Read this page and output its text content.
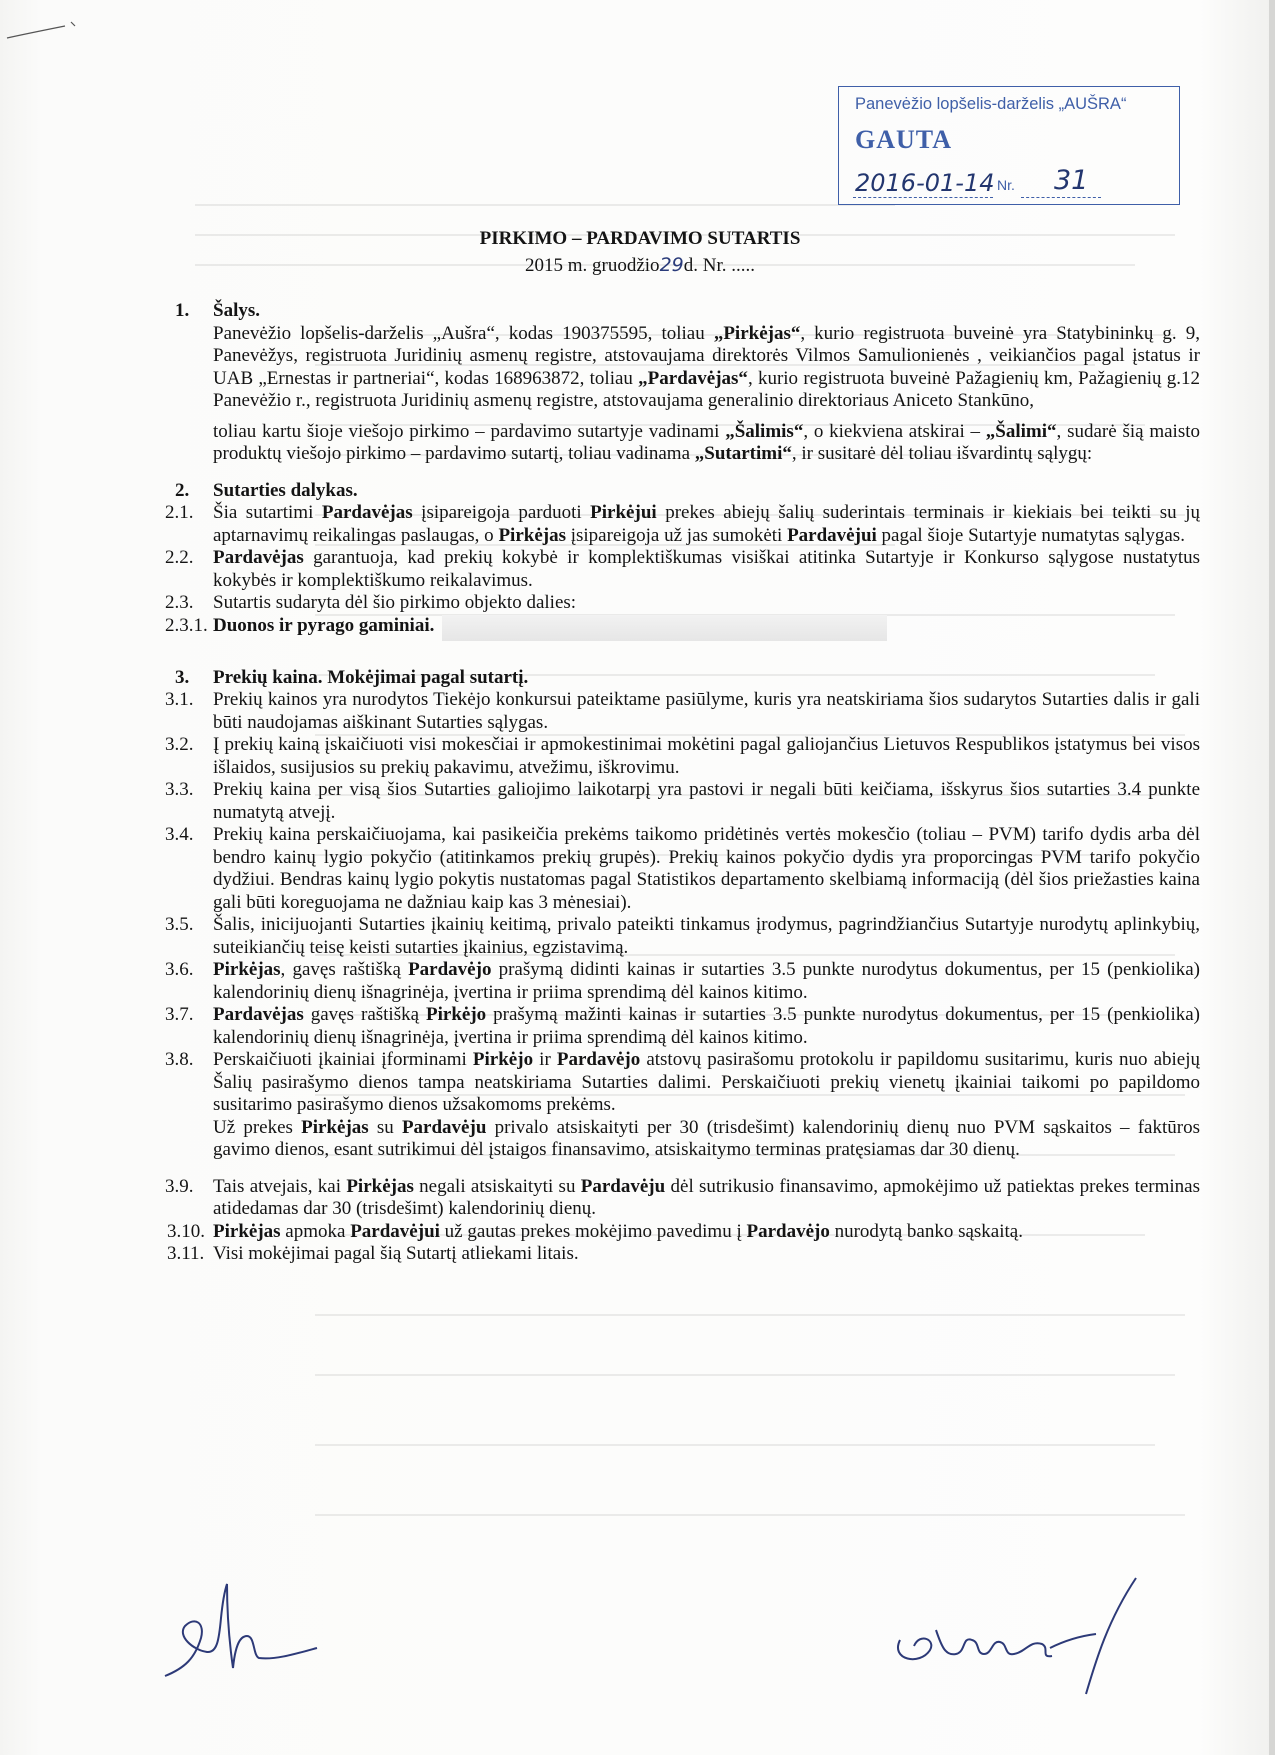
Panevėžio lopšelis-darželis „AUŠRA“
GAUTA
2016-01-14 Nr. 31
PIRKIMO – PARDAVIMO SUTARTIS
2015 m. gruodžio29d. Nr. .....
1.	Šalys.
Panevėžio lopšelis-darželis „Aušra“, kodas 190375595, toliau „Pirkėjas“, kurio registruota buveinė yra Statybininkų g. 9, Panevėžys, registruota Juridinių asmenų registre, atstovaujama direktorės Vilmos Samulionienės , veikiančios pagal įstatus ir UAB „Ernestas ir partneriai“, kodas 168963872, toliau „Pardavėjas“, kurio registruota buveinė Pažagienių km, Pažagienių g.12 Panevėžio r., registruota Juridinių asmenų registre, atstovaujama generalinio direktoriaus Aniceto Stankūno,
toliau kartu šioje viešojo pirkimo – pardavimo sutartyje vadinami „Šalimis“, o kiekviena atskirai – „Šalimi“, sudarė šią maisto produktų viešojo pirkimo – pardavimo sutartį, toliau vadinama „Sutartimi“, ir susitarė dėl toliau išvardintų sąlygų:
2.	Sutarties dalykas.
2.1.	Šia sutartimi Pardavėjas įsipareigoja parduoti Pirkėjui prekes abiejų šalių suderintais terminais ir kiekiais bei teikti su jų aptarnavimų reikalingas paslaugas, o Pirkėjas įsipareigoja už jas sumokėti Pardavėjui pagal šioje Sutartyje numatytas sąlygas.
2.2.	Pardavėjas garantuoja, kad prekių kokybė ir komplektiškumas visiškai atitinka Sutartyje ir Konkurso sąlygose nustatytus kokybės ir komplektiškumo reikalavimus.
2.3.	Sutartis sudaryta dėl šio pirkimo objekto dalies:
2.3.1. Duonos ir pyrago gaminiai.
3.	Prekių kaina. Mokėjimai pagal sutartį.
3.1.	Prekių kainos yra nurodytos Tiekėjo konkursui pateiktame pasiūlyme, kuris yra neatskiriama šios sudarytos Sutarties dalis ir gali būti naudojamas aiškinant Sutarties sąlygas.
3.2.	Į prekių kainą įskaičiuoti visi mokesčiai ir apmokestinimai mokėtini pagal galiojančius Lietuvos Respublikos įstatymus bei visos išlaidos, susijusios su prekių pakavimu, atvežimu, iškrovimu.
3.3.	Prekių kaina per visą šios Sutarties galiojimo laikotarpį yra pastovi ir negali būti keičiama, išskyrus šios sutarties 3.4 punkte numatytą atvejį.
3.4.	Prekių kaina perskaičiuojama, kai pasikeičia prekėms taikomo pridėtinės vertės mokesčio (toliau – PVM) tarifo dydis arba dėl bendro kainų lygio pokyčio (atitinkamos prekių grupės). Prekių kainos pokyčio dydis yra proporcingas PVM tarifo pokyčio dydžiui. Bendras kainų lygio pokytis nustatomas pagal Statistikos departamento skelbiamą informaciją (dėl šios priežasties kaina gali būti koreguojama ne dažniau kaip kas 3 mėnesiai).
3.5.	Šalis, inicijuojanti Sutarties įkainių keitimą, privalo pateikti tinkamus įrodymus, pagrindžiančius Sutartyje nurodytų aplinkybių, suteikiančių teisę keisti sutarties įkainius, egzistavimą.
3.6.	Pirkėjas, gavęs raštišką Pardavėjo prašymą didinti kainas ir sutarties 3.5 punkte nurodytus dokumentus, per 15 (penkiolika) kalendorinių dienų išnagrinėja, įvertina ir priima sprendimą dėl kainos kitimo.
3.7.	Pardavėjas gavęs raštišką Pirkėjo prašymą mažinti kainas ir sutarties 3.5 punkte nurodytus dokumentus, per 15 (penkiolika) kalendorinių dienų išnagrinėja, įvertina ir priima sprendimą dėl kainos kitimo.
3.8.	Perskaičiuoti įkainiai įforminami Pirkėjo ir Pardavėjo atstovų pasirašomu protokolu ir papildomu susitarimu, kuris nuo abiejų Šalių pasirašymo dienos tampa neatskiriama Sutarties dalimi. Perskaičiuoti prekių vienetų įkainiai taikomi po papildomo susitarimo pasirašymo dienos užsakomoms prekėms.
Už prekes Pirkėjas su Pardavėju privalo atsiskaityti per 30 (trisdešimt) kalendorinių dienų nuo PVM sąskaitos – faktūros gavimo dienos, esant sutrikimui dėl įstaigos finansavimo, atsiskaitymo terminas pratęsiamas dar 30 dienų.
3.9.	Tais atvejais, kai Pirkėjas negali atsiskaityti su Pardavėju dėl sutrikusio finansavimo, apmokėjimo už patiektas prekes terminas atidedamas dar 30 (trisdešimt) kalendorinių dienų.
3.10. Pirkėjas apmoka Pardavėjui už gautas prekes mokėjimo pavedimu į Pardavėjo nurodytą banko sąskaitą.
3.11. Visi mokėjimai pagal šią Sutartį atliekami litais.
